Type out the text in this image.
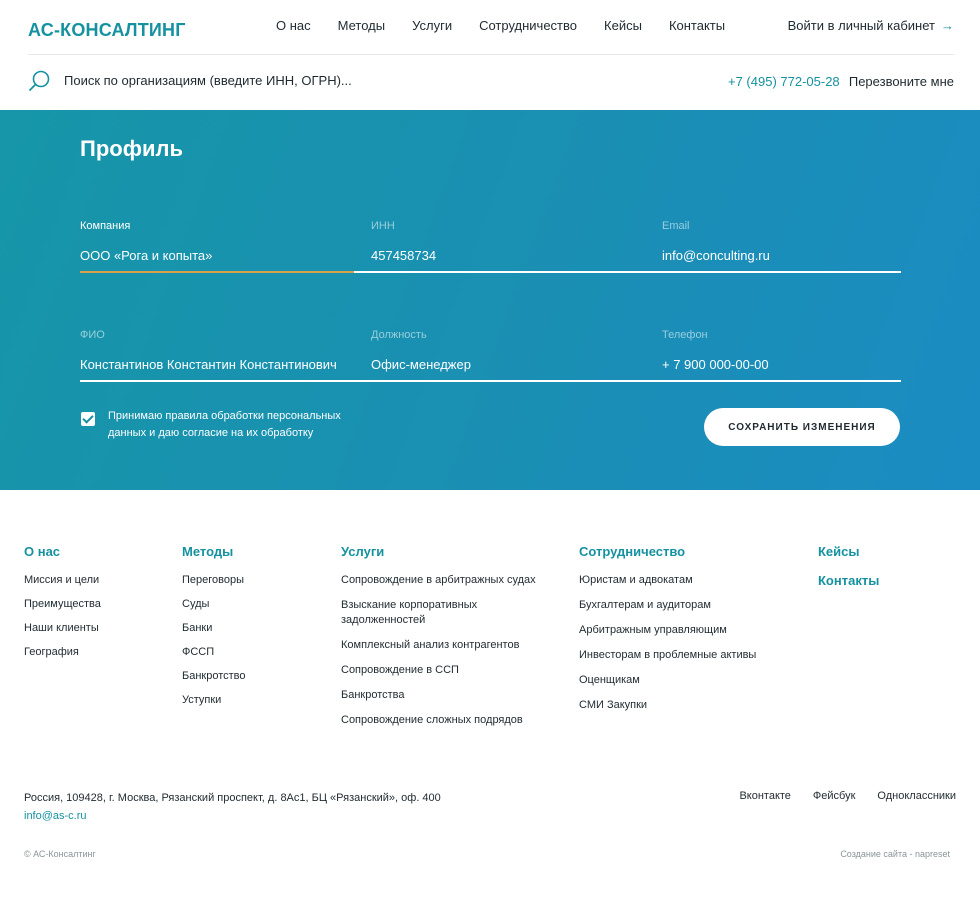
АС-КОНСАЛТИНГ	О нас Методы Услуги Сотрудничество Кейсы Контакты	Войти в личный кабинет →
Поиск по организациям (введите ИНН, ОГРН)...
+7 (495) 772-05-28 Перезвоните мне
Профиль
Компания
ООО «Рога и копыта»
ИНН
457458734
Email
info@conculting.ru
ФИО
Константинов Константин Константинович
Должность
Офис-менеджер
Телефон
+ 7 900 000-00-00
Принимаю правила обработки персональных данных и даю согласие на их обработку	СОХРАНИТЬ ИЗМЕНЕНИЯ
О нас
Миссия и цели
Преимущества
Наши клиенты
География
Методы
Переговоры
Суды
Банки
ФССП
Банкротство
Уступки
Услуги
Сопровождение в арбитражных судах
Взыскание корпоративных задолженностей
Комплексный анализ контрагентов
Сопровождение в ССП
Банкротства
Сопровождение сложных подрядов
Сотрудничество
Юристам и адвокатам
Бухгалтерам и аудиторам
Арбитражным управляющим
Инвесторам в проблемные активы
Оценщикам
СМИ Закупки
Кейсы
Контакты
Россия, 109428, г. Москва, Рязанский проспект, д. 8Ас1, БЦ «Рязанский», оф. 400
info@as-c.ru
Вконтакте Фейсбук Одноклассники
© АС-Консалтинг	Создание сайта - napreset
